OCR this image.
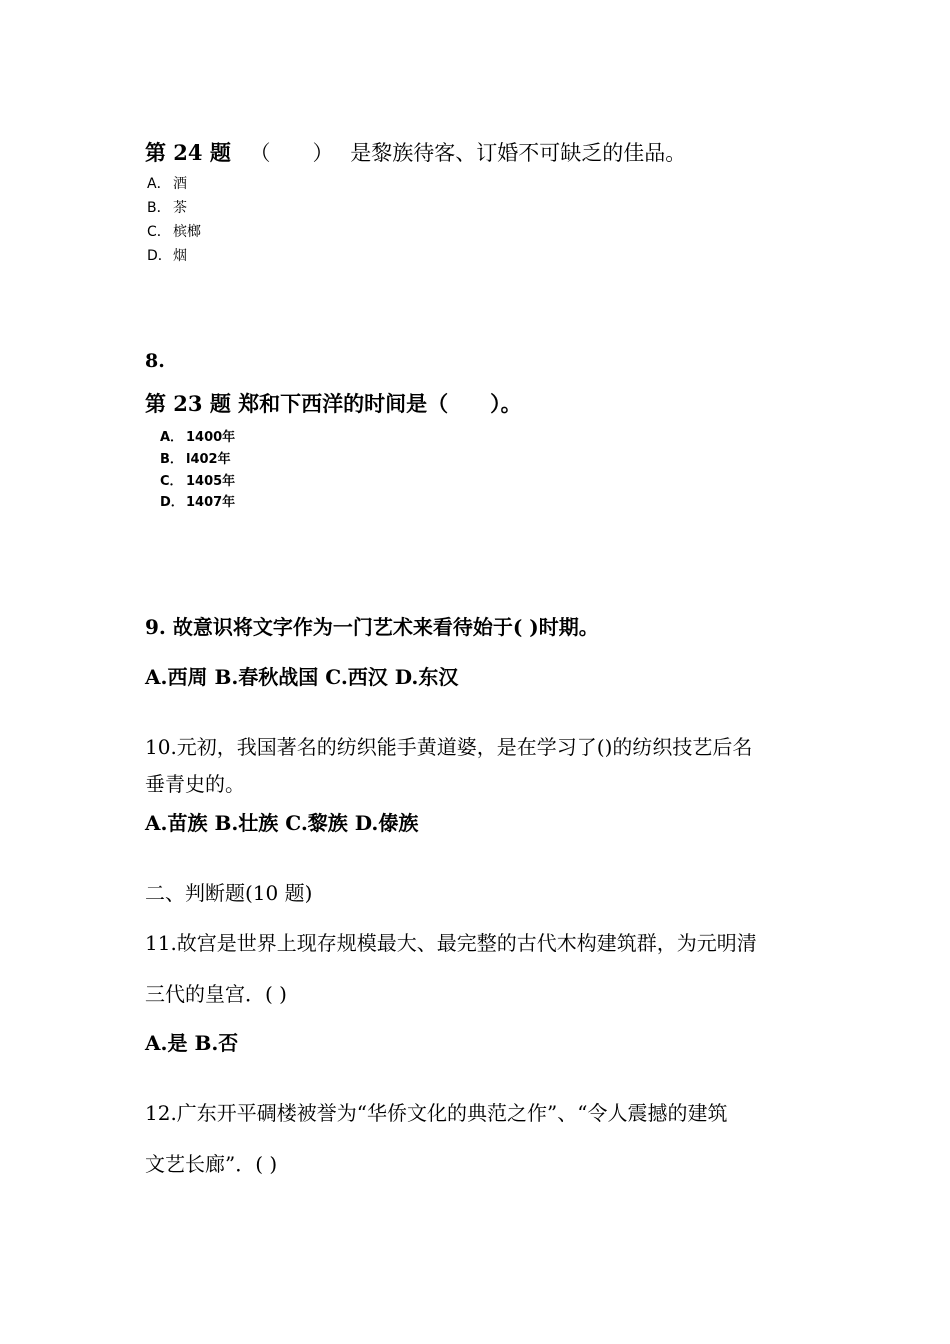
第 24 题 （　　） 是黎族待客、订婚不可缺乏的佳品。
A． 酒
B． 茶
C． 槟榔
D．烟
8.
第 23 题 郑和下西洋的时间是（　　）。
A． 1400年
B． l402年
C． 1405年
D． 1407年
9. 故意识将文字作为一门艺术来看待始于( )时期。
A.西周 B.春秋战国 C.西汉 D.东汉
10.元初，我国著名的纺织能手黄道婆，是在学习了()的纺织技艺后名
垂青史的。
A.苗族 B.壮族 C.黎族 D.傣族
二、判断题(10 题)
11.故宫是世界上现存规模最大、最完整的古代木构建筑群，为元明清
三代的皇宫．( )
A.是 B.否
12.广东开平碉楼被誉为“华侨文化的典范之作”、“令人震撼的建筑
文艺长廊”．( )
